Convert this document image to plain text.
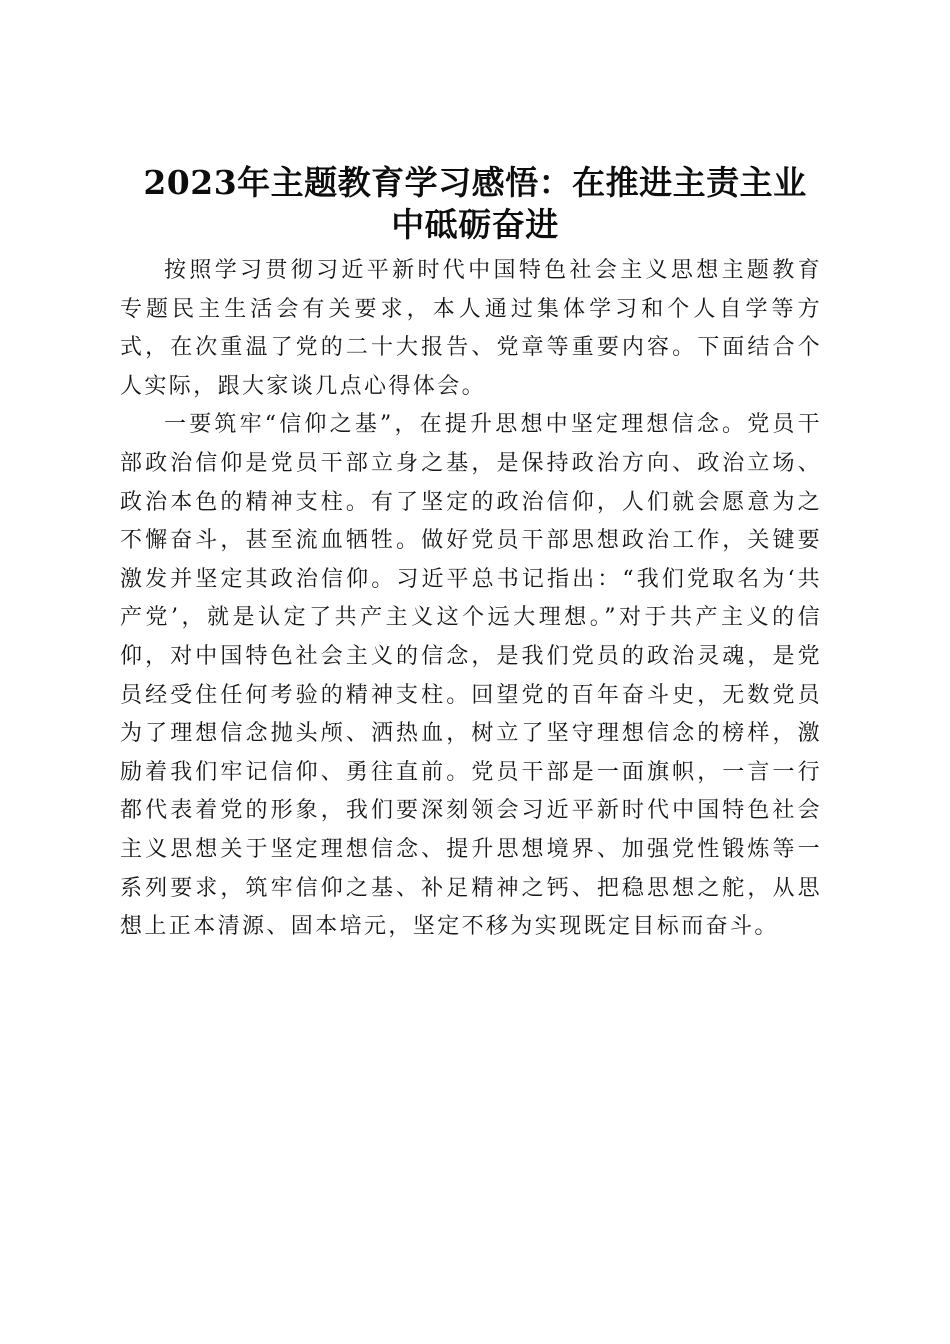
2023年主题教育学习感悟：在推进主责主业
中砥砺奋进

按照学习贯彻习近平新时代中国特色社会主义思想主题教育专题民主生活会有关要求，本人通过集体学习和个人自学等方式，在次重温了党的二十大报告、党章等重要内容。下面结合个人实际，跟大家谈几点心得体会。

一要筑牢“信仰之基”，在提升思想中坚定理想信念。党员干部政治信仰是党员干部立身之基，是保持政治方向、政治立场、政治本色的精神支柱。有了坚定的政治信仰，人们就会愿意为之不懈奋斗，甚至流血牺牲。做好党员干部思想政治工作，关键要激发并坚定其政治信仰。习近平总书记指出：“我们党取名为‘共产党’，就是认定了共产主义这个远大理想。”对于共产主义的信仰，对中国特色社会主义的信念，是我们党员的政治灵魂，是党员经受住任何考验的精神支柱。回望党的百年奋斗史，无数党员为了理想信念抛头颅、洒热血，树立了坚守理想信念的榜样，激励着我们牢记信仰、勇往直前。党员干部是一面旗帜，一言一行都代表着党的形象，我们要深刻领会习近平新时代中国特色社会主义思想关于坚定理想信念、提升思想境界、加强党性锻炼等一系列要求，筑牢信仰之基、补足精神之钙、把稳思想之舵，从思想上正本清源、固本培元，坚定不移为实现既定目标而奋斗。
